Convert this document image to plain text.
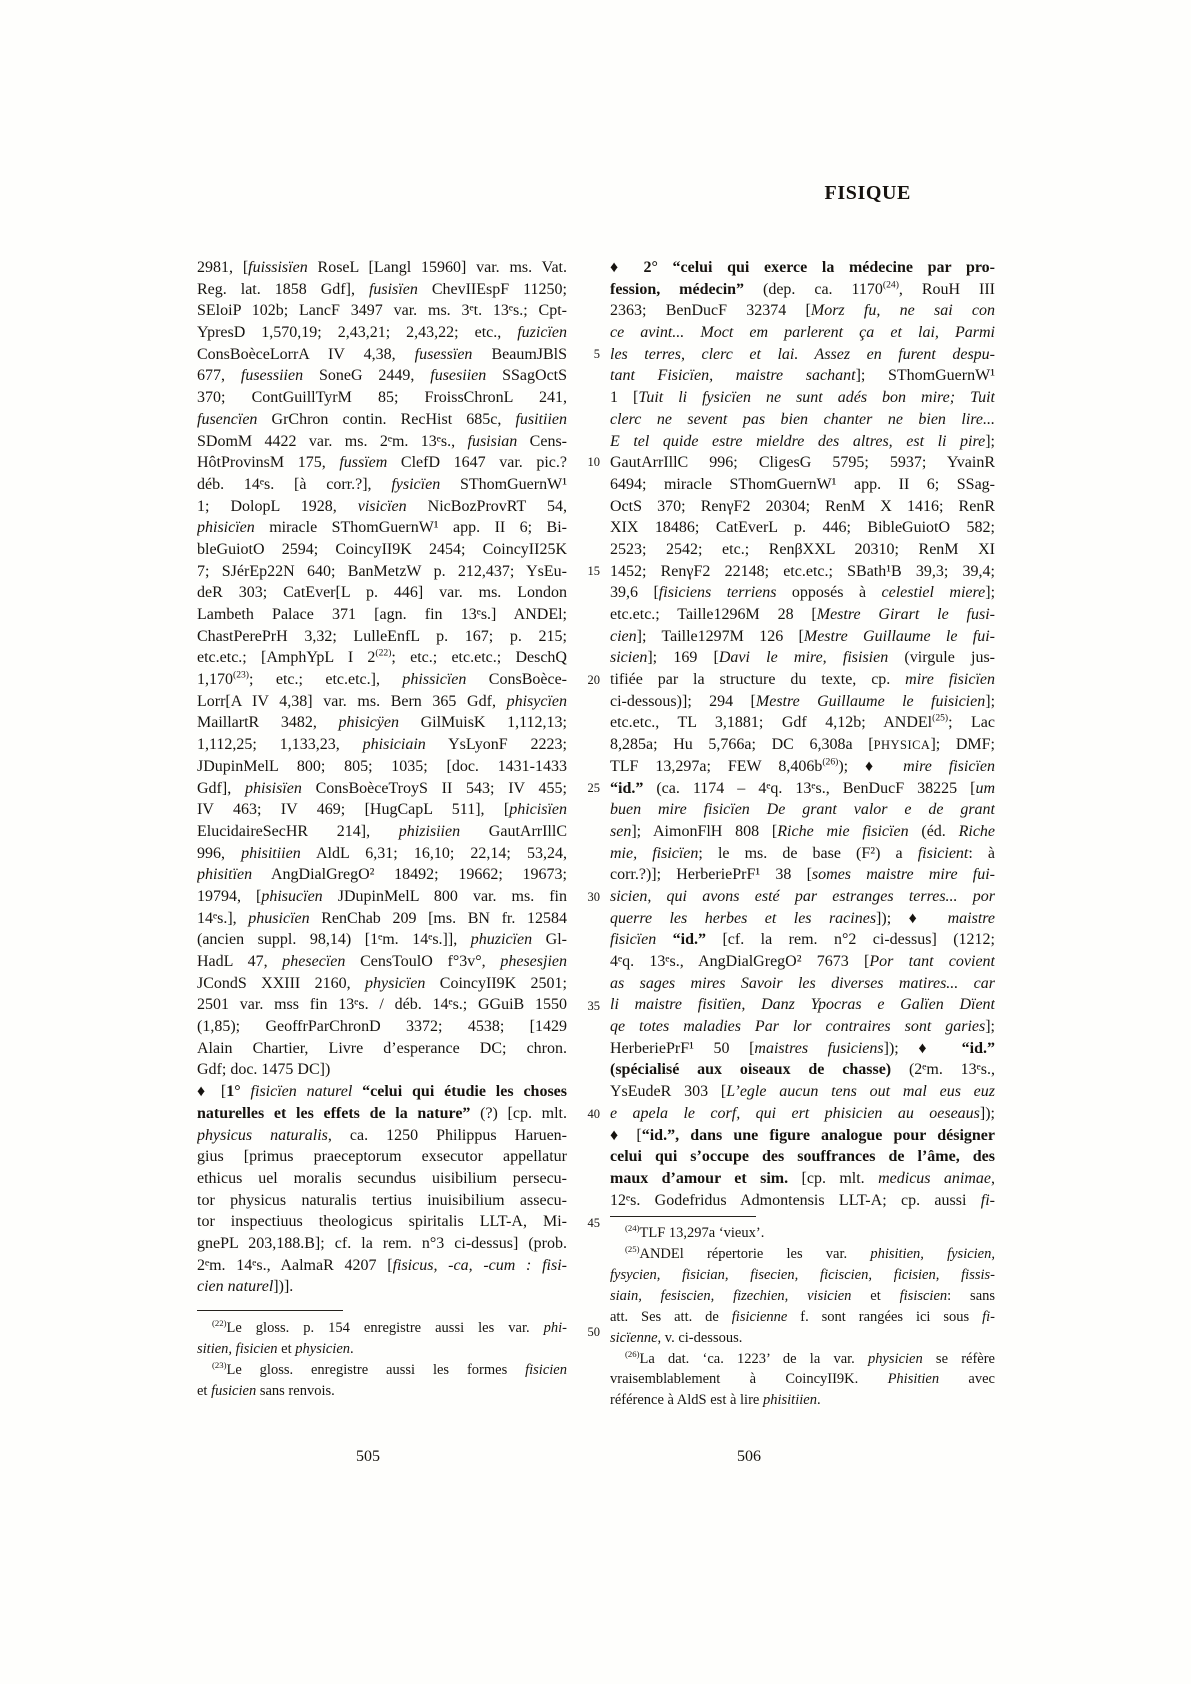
FISIQUE
2981, [fuissisïen RoseL [Langl 15960] var. ms. Vat.
Reg. lat. 1858 Gdf], fusisïen ChevIIEspF 11250;
SEloiP 102b; LancF 3497 var. ms. 3ᵉt. 13ᵉs.; Cpt-
YpresD 1,570,19; 2,43,21; 2,43,22; etc., fuzicïen
ConsBoèceLorrA IV 4,38, fusessïen BeaumJBlS
677, fusessiien SoneG 2449, fusesiien SSagOctS
370; ContGuillTyrM 85; FroissChronL 241,
fusencïen GrChron contin. RecHist 685c, fusitiien
SDomM 4422 var. ms. 2ᵉm. 13ᵉs., fusisian Cens-
HôtProvinsM 175, fussïem ClefD 1647 var. pic.?
déb. 14ᵉs. [à corr.?], fysicïen SThomGuernW¹
1; DolopL 1928, visicïen NicBozProvRT 54,
phisicïen miracle SThomGuernW¹ app. II 6; Bi-
bleGuiotO 2594; CoincyII9K 2454; CoincyII25K
7; SJérEp22N 640; BanMetzW p. 212,437; YsEu-
deR 303; CatEver[L p. 446] var. ms. London
Lambeth Palace 371 [agn. fin 13ᵉs.] ANDEl;
ChastPerePrH 3,32; LulleEnfL p. 167; p. 215;
etc.etc.; [AmphYpL I 2$^{(22)}$; etc.; etc.etc.; DeschQ
1,170$^{(23)}$; etc.; etc.etc.], phissicïen ConsBoèce-
Lorr[A IV 4,38] var. ms. Bern 365 Gdf, phisycïen
MaillartR 3482, phisicÿen GilMuisK 1,112,13;
1,112,25; 1,133,23, phisiciain YsLyonF 2223;
JDupinMelL 800; 805; 1035; [doc. 1431-1433
Gdf], phisisïen ConsBoèceTroyS II 543; IV 455;
IV 463; IV 469; [HugCapL 511], [phicisïen
ElucidaireSecHR 214], phizisiien GautArrIllC
996, phisitiien AldL 6,31; 16,10; 22,14; 53,24,
phisitïen AngDialGregO² 18492; 19662; 19673;
19794, [phisucïen JDupinMelL 800 var. ms. fin
14ᵉs.], phusicïen RenChab 209 [ms. BN fr. 12584
(ancien suppl. 98,14) [1ᵉm. 14ᵉs.]], phuzicïen Gl-
HadL 47, phesecïen CensToulO f°3v°, phesesjien
JCondS XXIII 2160, physicïen CoincyII9K 2501;
2501 var. mss fin 13ᵉs. / déb. 14ᵉs.; GGuiB 1550
(1,85); GeoffrParChronD 3372; 4538; [1429
Alain Chartier, Livre d’esperance DC; chron.
Gdf; doc. 1475 DC])
♦ [1° fisicïen naturel “celui qui étudie les choses
naturelles et les effets de la nature” (?) [cp. mlt.
physicus naturalis, ca. 1250 Philippus Haruen-
gius [primus praeceptorum exsecutor appellatur
ethicus uel moralis secundus uisibilium persecu-
tor physicus naturalis tertius inuisibilium assecu-
tor inspectiuus theologicus spiritalis LLT-A, Mi-
gnePL 203,188.B]; cf. la rem. n°3 ci-dessus] (prob.
2ᵉm. 14ᵉs., AalmaR 4207 [fisicus, -ca, -cum : fisi-
cien naturel])].
$^{(22)}$Le gloss. p. 154 enregistre aussi les var. phi-
sitien, fisicien et physicien.
$^{(23)}$Le gloss. enregistre aussi les formes fisicien
et fusicien sans renvois.
5
10
15
20
25
30
35
40
45
50
♦ 2° “celui qui exerce la médecine par pro-
fession, médecin” (dep. ca. 1170$^{(24)}$, RouH III
2363; BenDucF 32374 [Morz fu, ne sai con
ce avint... Moct em parlerent ça et lai, Parmi
les terres, clerc et lai. Assez en furent despu-
tant Fisicïen, maistre sachant]; SThomGuernW¹
1 [Tuit li fysicïen ne sunt adés bon mire; Tuit
clerc ne sevent pas bien chanter ne bien lire...
E tel quide estre mieldre des altres, est li pire];
GautArrIllC 996; CligesG 5795; 5937; YvainR
6494; miracle SThomGuernW¹ app. II 6; SSag-
OctS 370; RenγF2 20304; RenM X 1416; RenR
XIX 18486; CatEverL p. 446; BibleGuiotO 582;
2523; 2542; etc.; RenβXXL 20310; RenM XI
1452; RenγF2 22148; etc.etc.; SBath¹B 39,3; 39,4;
39,6 [fisiciens terriens opposés à celestiel miere];
etc.etc.; Taille1296M 28 [Mestre Girart le fusi-
cien]; Taille1297M 126 [Mestre Guillaume le fui-
sicien]; 169 [Davi le mire, fisisien (virgule jus-
tifiée par la structure du texte, cp. mire fisicïen
ci-dessous)]; 294 [Mestre Guillaume le fuisicien];
etc.etc., TL 3,1881; Gdf 4,12b; ANDEl$^{(25)}$; Lac
8,285a; Hu 5,766a; DC 6,308a [PHYSICA]; DMF;
TLF 13,297a; FEW $8,406b^{(26)}$); ♦ mire fisicïen
“id.” (ca. 1174 – 4ᵉq. 13ᵉs., BenDucF 38225 [um
buen mire fisicïen De grant valor e de grant
sen]; AimonFlH 808 [Riche mie fisicïen (éd. Riche
mie, fisicïen; le ms. de base (F²) a fisicient: à
corr.?)]; HerberiePrF¹ 38 [somes maistre mire fui-
sicien, qui avons esté par estranges terres... por
querre les herbes et les racines]); ♦ maistre
fisicïen “id.” [cf. la rem. n°2 ci-dessus] (1212;
4ᵉq. 13ᵉs., AngDialGregO² 7673 [Por tant covient
as sages mires Savoir les diverses matires... car
li maistre fisitïen, Danz Ypocras e Galïen Dïent
qe totes maladies Par lor contraires sont garies];
HerberiePrF¹ 50 [maistres fusiciens]); ♦ “id.”
(spécialisé aux oiseaux de chasse) (2ᵉm. 13ᵉs.,
YsEudeR 303 [L’egle aucun tens out mal eus euz
e apela le corf, qui ert phisicien au oeseaus]);
♦ [“id.”, dans une figure analogue pour désigner
celui qui s’occupe des souffrances de l’âme, des
maux d’amour et sim. [cp. mlt. medicus animae,
12ᵉs. Godefridus Admontensis LLT-A; cp. aussi fi-
$^{(24)}$TLF 13,297a ‘vieux’.
$^{(25)}$ANDEl répertorie les var. phisitien, fysicien,
fysycien, fisician, fisecien, ficiscien, ficisien, fissis-
siain, fesiscien, fizechien, visicien et fisiscien: sans
att. Ses att. de fisicienne f. sont rangées ici sous fi-
sicïenne, v. ci-dessous.
$^{(26)}$La dat. ‘ca. 1223’ de la var. physicien se réfère
vraisemblablement à CoincyII9K. Phisitien avec
référence à AldS est à lire phisitiien.
505	506
